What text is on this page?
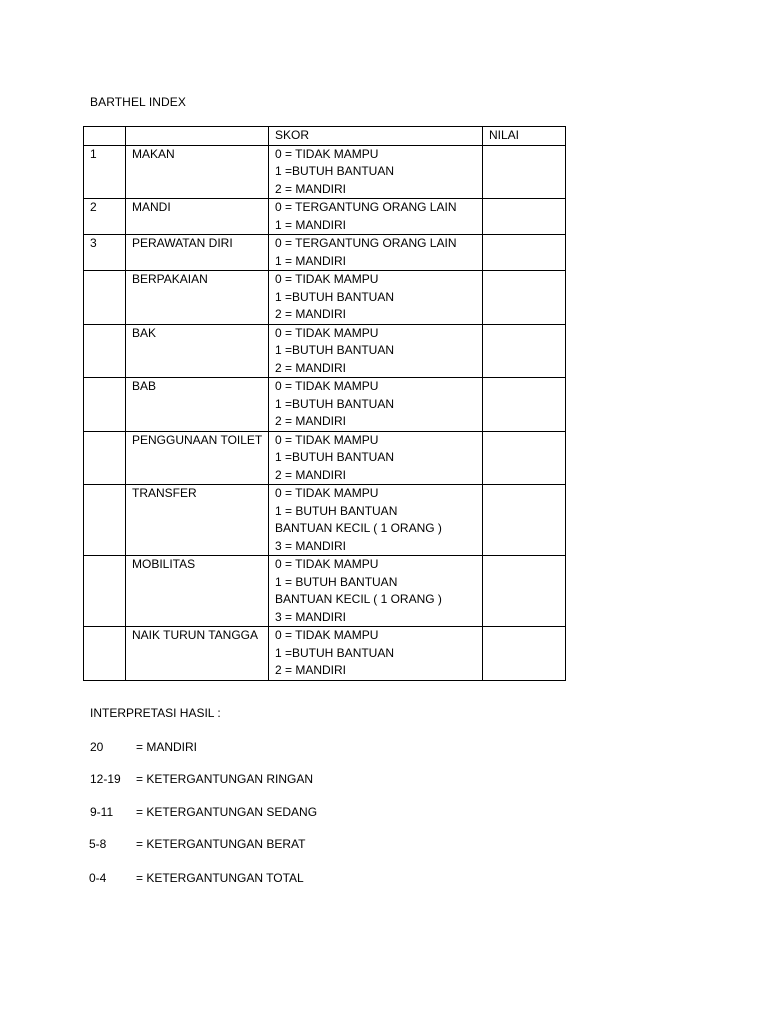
BARTHEL INDEX
		SKOR	NILAI
1	MAKAN	0 = TIDAK MAMPU
1 =BUTUH BANTUAN
2 = MANDIRI	

2	MANDI	0 = TERGANTUNG ORANG LAIN
1 = MANDIRI	

3	PERAWATAN DIRI	0 = TERGANTUNG ORANG LAIN
1 = MANDIRI	

	BERPAKAIAN	0 = TIDAK MAMPU
1 =BUTUH BANTUAN
2 = MANDIRI	

	BAK	0 = TIDAK MAMPU
1 =BUTUH BANTUAN
2 = MANDIRI	

	BAB	0 = TIDAK MAMPU
1 =BUTUH BANTUAN
2 = MANDIRI	

	PENGGUNAAN TOILET	0 = TIDAK MAMPU
1 =BUTUH BANTUAN
2 = MANDIRI	

	TRANSFER	0 = TIDAK MAMPU
1 = BUTUH BANTUAN
BANTUAN KECIL ( 1 ORANG )
3 = MANDIRI	

	MOBILITAS	0 = TIDAK MAMPU
1 = BUTUH BANTUAN
BANTUAN KECIL ( 1 ORANG )
3 = MANDIRI	

	NAIK TURUN TANGGA	0 = TIDAK MAMPU
1 =BUTUH BANTUAN
2 = MANDIRI	

INTERPRETASI HASIL :
20	= MANDIRI
12-19 = KETERGANTUNGAN RINGAN
9-11 = KETERGANTUNGAN SEDANG
5-8 = KETERGANTUNGAN BERAT
0-4 = KETERGANTUNGAN TOTAL
